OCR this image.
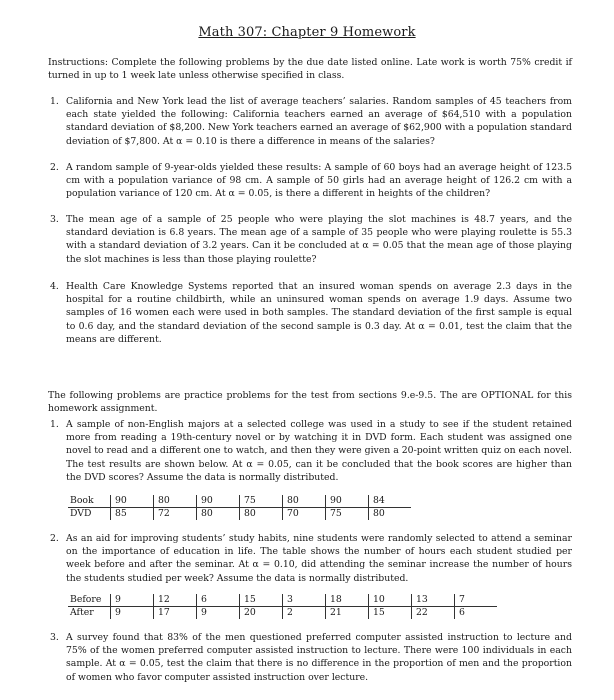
Math 307: Chapter 9 Homework
Instructions: Complete the following problems by the due date listed online. Late work is worth 75% credit if turned in up to 1 week late unless otherwise specified in class.
1. California and New York lead the list of average teachers’ salaries. Random samples of 45 teachers from each state yielded the following: California teachers earned an average of $64,510 with a population standard deviation of $8,200. New York teachers earned an average of $62,900 with a population standard deviation of $7,800. At α = 0.10 is there a difference in means of the salaries?
2. A random sample of 9-year-olds yielded these results: A sample of 60 boys had an average height of 123.5 cm with a population variance of 98 cm. A sample of 50 girls had an average height of 126.2 cm with a population variance of 120 cm. At α = 0.05, is there a different in heights of the children?
3. The mean age of a sample of 25 people who were playing the slot machines is 48.7 years, and the standard deviation is 6.8 years. The mean age of a sample of 35 people who were playing roulette is 55.3 with a standard deviation of 3.2 years. Can it be concluded at α = 0.05 that the mean age of those playing the slot machines is less than those playing roulette?
4. Health Care Knowledge Systems reported that an insured woman spends on average 2.3 days in the hospital for a routine childbirth, while an uninsured woman spends on average 1.9 days. Assume two samples of 16 women each were used in both samples. The standard deviation of the first sample is equal to 0.6 day, and the standard deviation of the second sample is 0.3 day. At α = 0.01, test the claim that the means are different.
The following problems are practice problems for the test from sections 9.e-9.5. The are OPTIONAL for this homework assignment.
1. A sample of non-English majors at a selected college was used in a study to see if the student retained more from reading a 19th-century novel or by watching it in DVD form. Each student was assigned one novel to read and a different one to watch, and then they were given a 20-point written quiz on each novel. The test results are shown below. At α = 0.05, can it be concluded that the book scores are higher than the DVD scores? Assume the data is normally distributed.
Book	90	80	90	75	80	90	84
DVD	85	72	80	80	70	75	80
2. As an aid for improving students’ study habits, nine students were randomly selected to attend a seminar on the importance of education in life. The table shows the number of hours each student studied per week before and after the seminar. At α = 0.10, did attending the seminar increase the number of hours the students studied per week? Assume the data is normally distributed.
Before	9	12	6	15	3	18	10	13	7
After	9	17	9	20	2	21	15	22	6
3. A survey found that 83% of the men questioned preferred computer assisted instruction to lecture and 75% of the women preferred computer assisted instruction to lecture. There were 100 individuals in each sample. At α = 0.05, test the claim that there is no difference in the proportion of men and the proportion of women who favor computer assisted instruction over lecture.
